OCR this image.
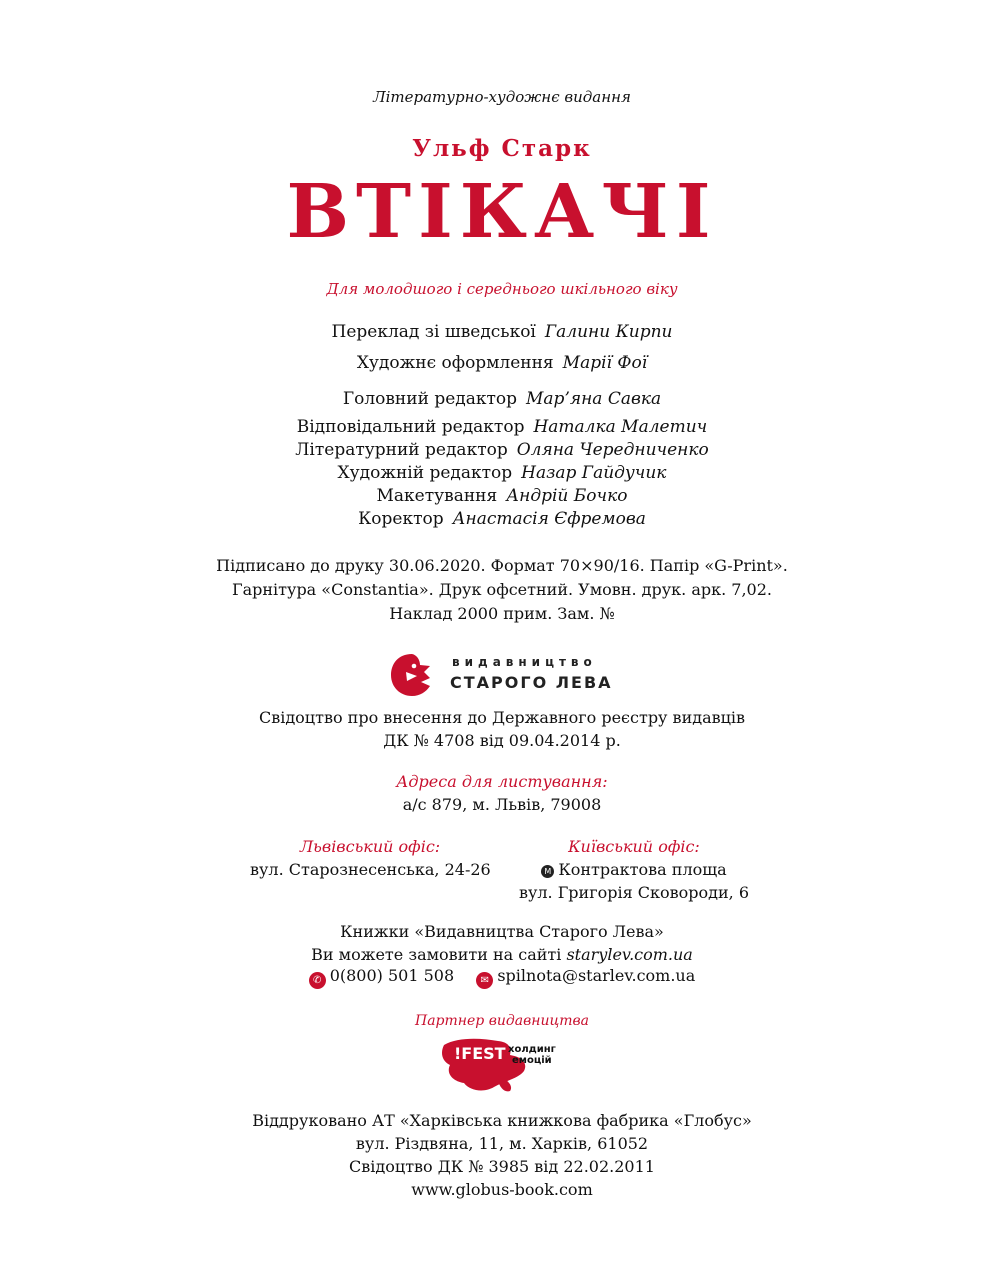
Літературно-художнє видання
Ульф Старк
ВТІКАЧІ
Для молодшого і середнього шкільного віку
Переклад зі шведської Галини Кирпи
Художнє оформлення Марії Фої
Головний редактор Мар’яна Савка
Відповідальний редактор Наталка Малетич
Літературний редактор Оляна Чередниченко
Художній редактор Назар Гайдучик
Макетування Андрій Бочко
Коректор Анастасія Єфремова
Підписано до друку 30.06.2020. Формат 70×90/16. Папір «G-Print».
Гарнітура «Constantia». Друк офсетний. Умовн. друк. арк. 7,02.
Наклад 2000 прим. Зам. №
видавництво
СТАРОГО ЛЕВА
Свідоцтво про внесення до Державного реєстру видавців
ДК № 4708 від 09.04.2014 р.
Адреса для листування:
а/с 879, м. Львів, 79008
Львівський офіс:
вул. Старознесенська, 24-26
Київський офіс:
М Контрактова площа
вул. Григорія Сковороди, 6
Книжки «Видавництва Старого Лева»
Ви можете замовити на сайті starylev.com.ua
✆ 0(800) 501 508	✉ spilnota@starlev.com.ua
Партнер видавництва
!FEST холдинг
емоцій
Віддруковано АТ «Харківська книжкова фабрика «Глобус»
вул. Різдвяна, 11, м. Харків, 61052
Свідоцтво ДК № 3985 від 22.02.2011
www.globus-book.com
